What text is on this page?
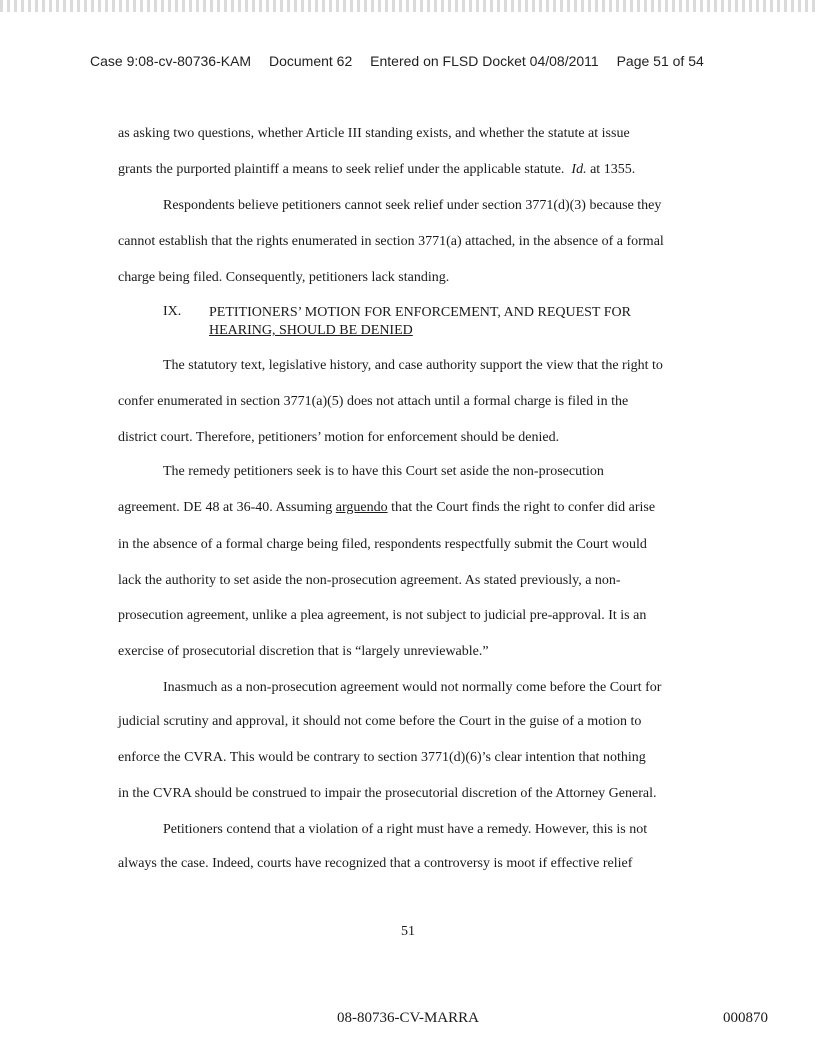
Case 9:08-cv-80736-KAM Document 62 Entered on FLSD Docket 04/08/2011 Page 51 of 54
as asking two questions, whether Article III standing exists, and whether the statute at issue
grants the purported plaintiff a means to seek relief under the applicable statute. Id. at 1355.
Respondents believe petitioners cannot seek relief under section 3771(d)(3) because they
cannot establish that the rights enumerated in section 3771(a) attached, in the absence of a formal
charge being filed. Consequently, petitioners lack standing.
IX. PETITIONERS’ MOTION FOR ENFORCEMENT, AND REQUEST FOR
HEARING, SHOULD BE DENIED
The statutory text, legislative history, and case authority support the view that the right to
confer enumerated in section 3771(a)(5) does not attach until a formal charge is filed in the
district court. Therefore, petitioners’ motion for enforcement should be denied.
The remedy petitioners seek is to have this Court set aside the non-prosecution
agreement. DE 48 at 36-40. Assuming arguendo that the Court finds the right to confer did arise
in the absence of a formal charge being filed, respondents respectfully submit the Court would
lack the authority to set aside the non-prosecution agreement. As stated previously, a non-
prosecution agreement, unlike a plea agreement, is not subject to judicial pre-approval. It is an
exercise of prosecutorial discretion that is “largely unreviewable.”
Inasmuch as a non-prosecution agreement would not normally come before the Court for
judicial scrutiny and approval, it should not come before the Court in the guise of a motion to
enforce the CVRA. This would be contrary to section 3771(d)(6)’s clear intention that nothing
in the CVRA should be construed to impair the prosecutorial discretion of the Attorney General.
Petitioners contend that a violation of a right must have a remedy. However, this is not
always the case. Indeed, courts have recognized that a controversy is moot if effective relief
51
08-80736-CV-MARRA	000870
